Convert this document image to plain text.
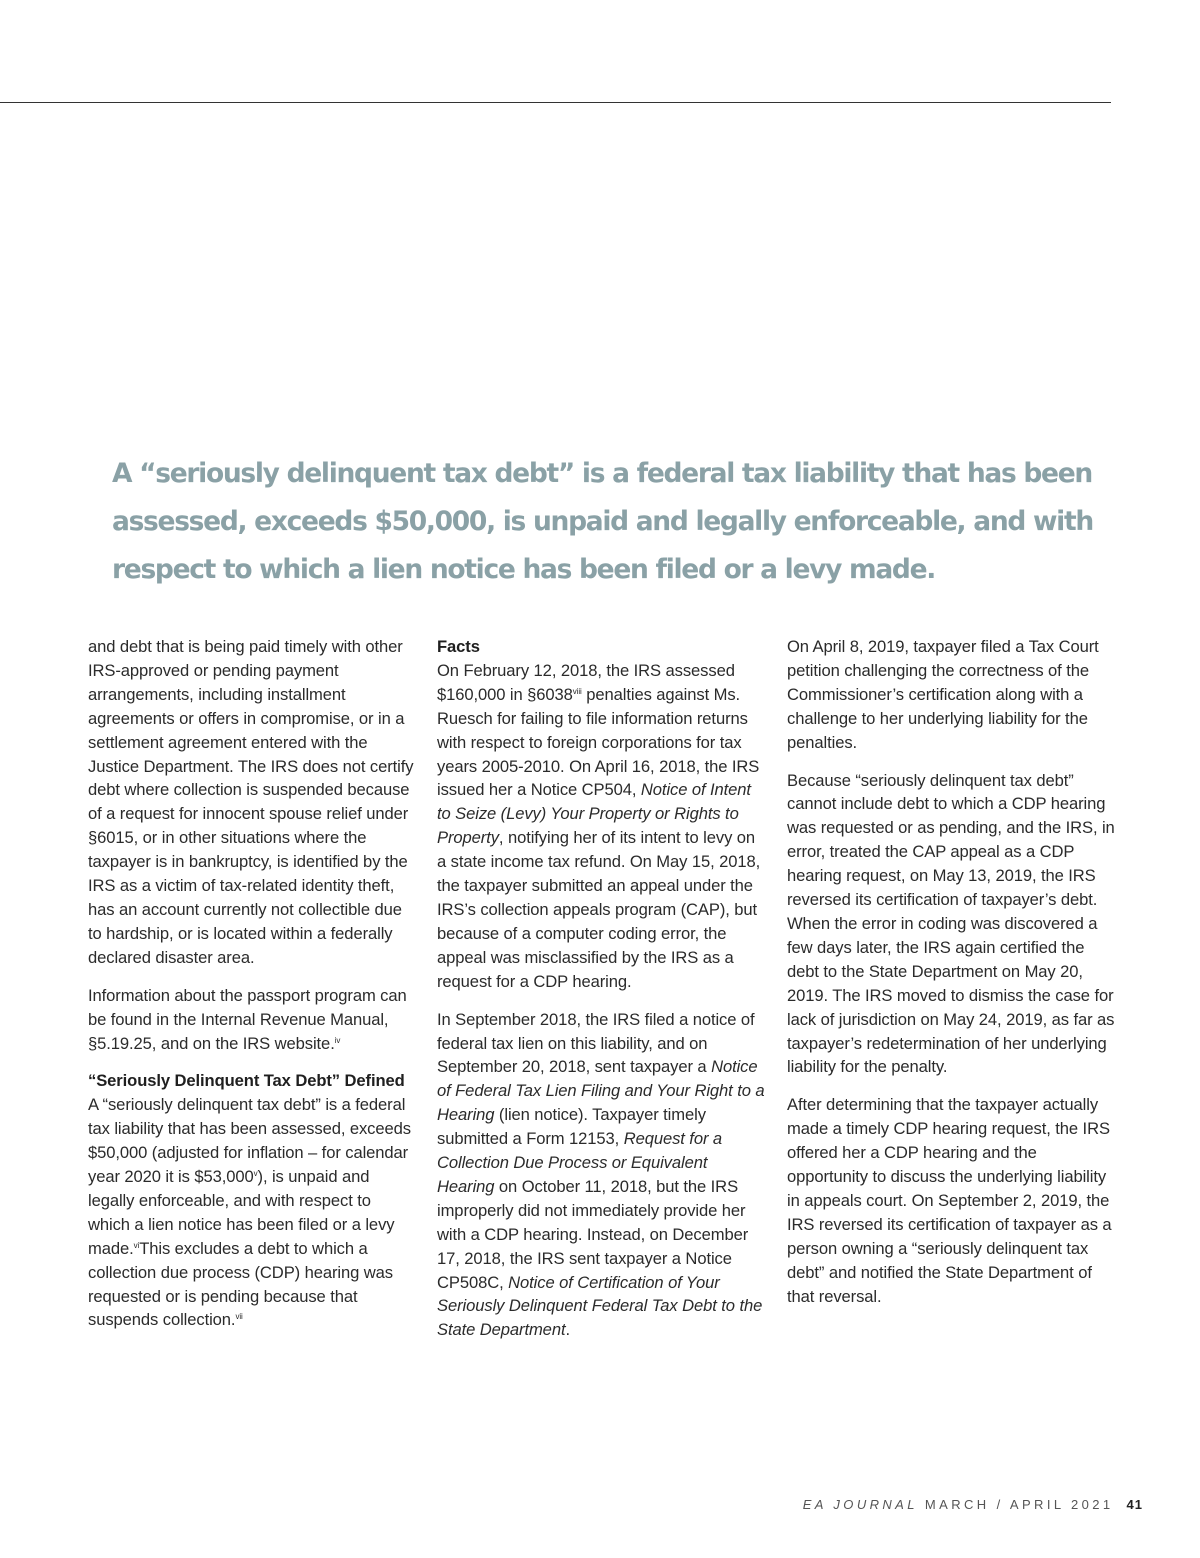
A “seriously delinquent tax debt” is a federal tax liability that has been assessed, exceeds $50,000, is unpaid and legally enforceable, and with respect to which a lien notice has been filed or a levy made.

and debt that is being paid timely with other IRS-approved or pending payment arrangements, including installment agreements or offers in compromise, or in a settlement agreement entered with the Justice Department. The IRS does not certify debt where collection is suspended because of a request for innocent spouse relief under §6015, or in other situations where the taxpayer is in bankruptcy, is identified by the IRS as a victim of tax-related identity theft, has an account currently not collectible due to hardship, or is located within a federally declared disaster area.

Information about the passport program can be found in the Internal Revenue Manual, §5.19.25, and on the IRS website.$^{iv}$

“Seriously Delinquent Tax Debt” Defined

A “seriously delinquent tax debt” is a federal tax liability that has been assessed, exceeds $50,000 (adjusted for inflation – for calendar year 2020 it is $53,000$^v$), is unpaid and legally enforceable, and with respect to which a lien notice has been filed or a levy made.$^{vi}$This excludes a debt to which a collection due process (CDP) hearing was requested or is pending because that suspends collection.$^{vii}$

Facts

On February 12, 2018, the IRS assessed $160,000 in §6038$^{viii}$ penalties against Ms. Ruesch for failing to file information returns with respect to foreign corporations for tax years 2005-2010. On April 16, 2018, the IRS issued her a Notice CP504, Notice of Intent to Seize (Levy) Your Property or Rights to Property, notifying her of its intent to levy on a state income tax refund. On May 15, 2018, the taxpayer submitted an appeal under the IRS’s collection appeals program (CAP), but because of a computer coding error, the appeal was misclassified by the IRS as a request for a CDP hearing.

In September 2018, the IRS filed a notice of federal tax lien on this liability, and on September 20, 2018, sent taxpayer a Notice of Federal Tax Lien Filing and Your Right to a Hearing (lien notice). Taxpayer timely submitted a Form 12153, Request for a Collection Due Process or Equivalent Hearing on October 11, 2018, but the IRS improperly did not immediately provide her with a CDP hearing. Instead, on December 17, 2018, the IRS sent taxpayer a Notice CP508C, Notice of Certification of Your Seriously Delinquent Federal Tax Debt to the State Department.

On April 8, 2019, taxpayer filed a Tax Court petition challenging the correctness of the Commissioner’s certification along with a challenge to her underlying liability for the penalties.

Because “seriously delinquent tax debt” cannot include debt to which a CDP hearing was requested or as pending, and the IRS, in error, treated the CAP appeal as a CDP hearing request, on May 13, 2019, the IRS reversed its certification of taxpayer’s debt. When the error in coding was discovered a few days later, the IRS again certified the debt to the State Department on May 20, 2019. The IRS moved to dismiss the case for lack of jurisdiction on May 24, 2019, as far as taxpayer’s redetermination of her underlying liability for the penalty.

After determining that the taxpayer actually made a timely CDP hearing request, the IRS offered her a CDP hearing and the opportunity to discuss the underlying liability in appeals court. On September 2, 2019, the IRS reversed its certification of taxpayer as a person owning a “seriously delinquent tax debt” and notified the State Department of that reversal.

EA JOURNAL MARCH / APRIL 2021 41
